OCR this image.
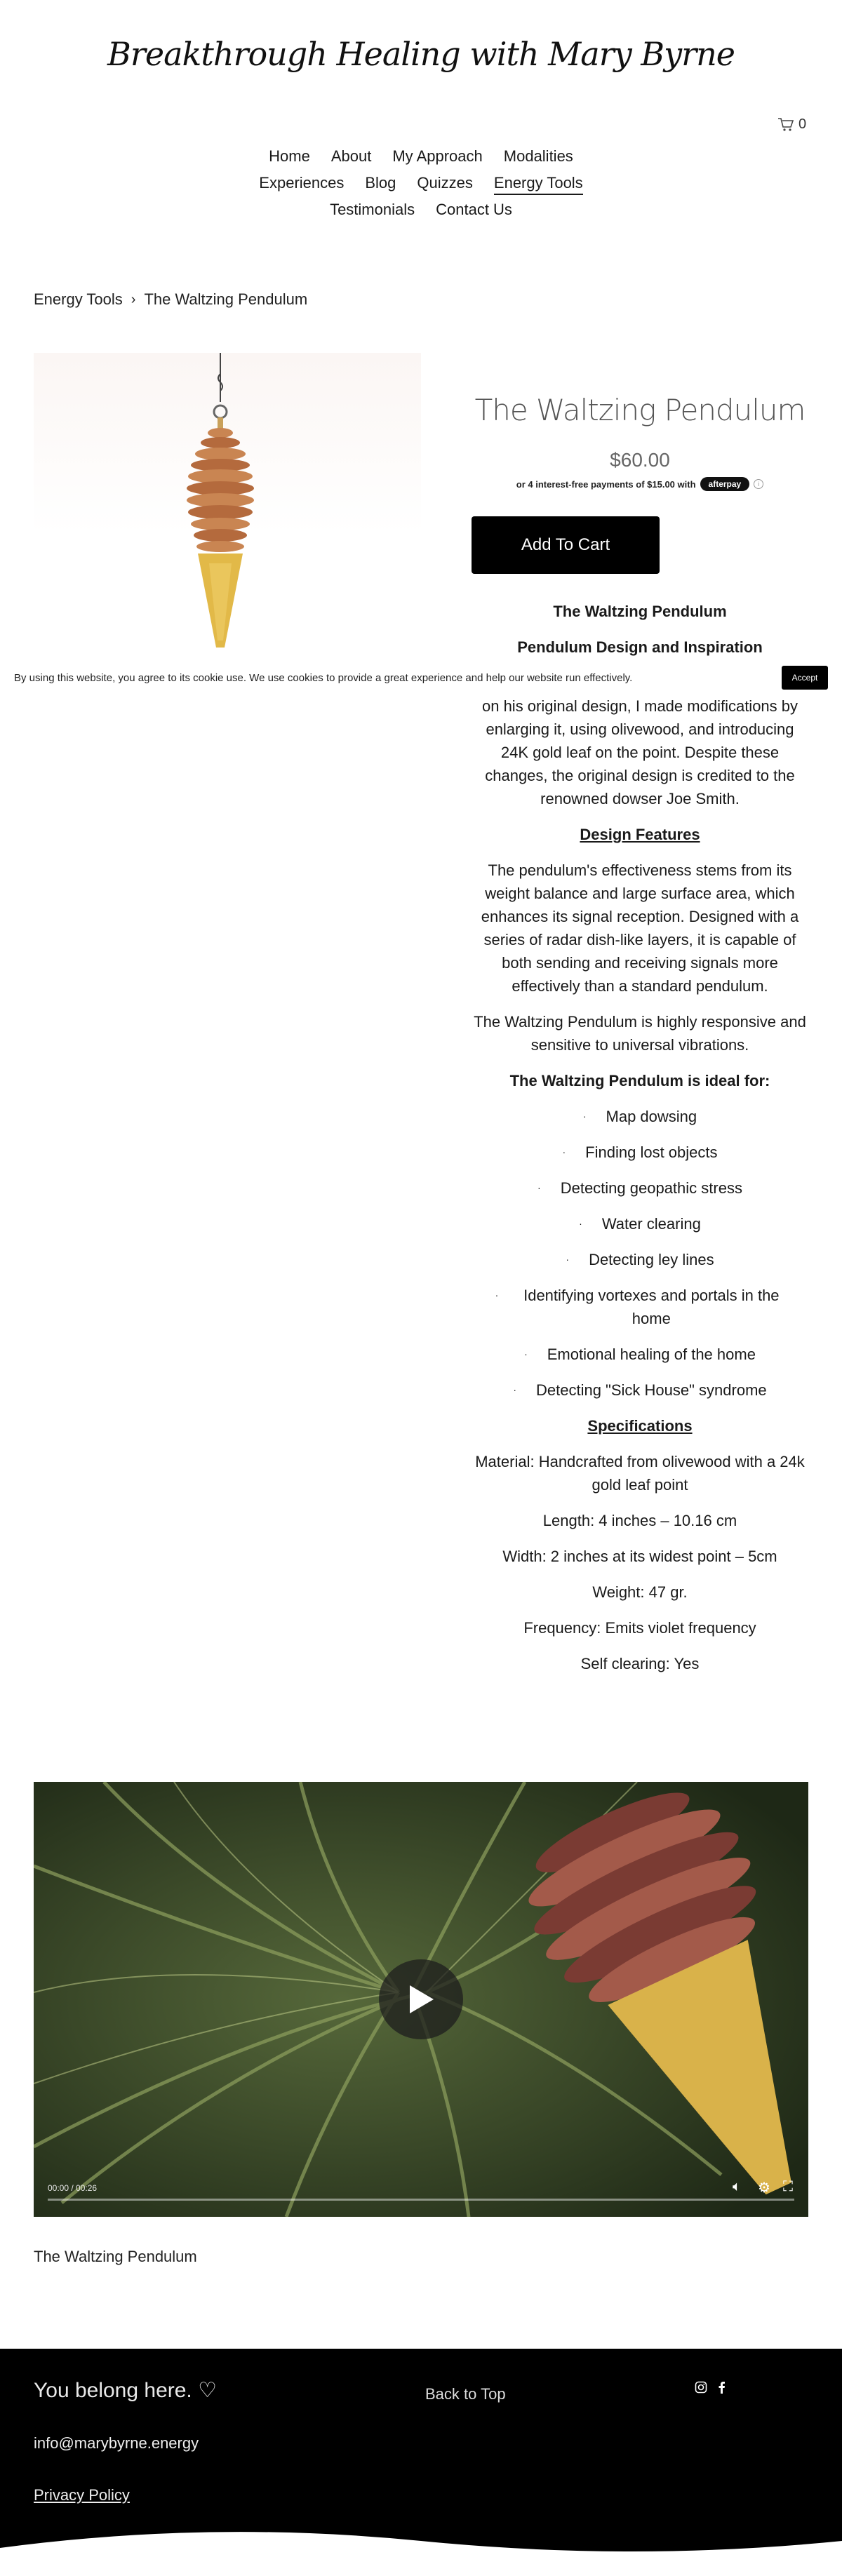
Breakthrough Healing with Mary Byrne
0
Home About My Approach Modalities
Experiences Blog Quizzes Energy Tools
Testimonials Contact Us
Energy Tools › The Waltzing Pendulum
The Waltzing Pendulum
$60.00
or 4 interest-free payments of $15.00 with	afterpay	i
Add To Cart

The Waltzing Pendulum

Pendulum Design and Inspiration

on his original design, I made modifications by enlarging it, using olivewood, and introducing 24K gold leaf on the point. Despite these changes, the original design is credited to the renowned dowser Joe Smith.

Design Features

The pendulum's effectiveness stems from its weight balance and large surface area, which enhances its signal reception. Designed with a series of radar dish-like layers, it is capable of both sending and receiving signals more effectively than a standard pendulum.

The Waltzing Pendulum is highly responsive and sensitive to universal vibrations.

The Waltzing Pendulum is ideal for:

· Map dowsing
· Finding lost objects
· Detecting geopathic stress
· Water clearing
· Detecting ley lines
·	Identifying vortexes and portals in the home
· Emotional healing of the home
· Detecting "Sick House" syndrome

Specifications

Material: Handcrafted from olivewood with a 24k gold leaf point

Length: 4 inches – 10.16 cm

Width: 2 inches at its widest point – 5cm

Weight: 47 gr.

Frequency: Emits violet frequency

Self clearing: Yes

By using this website, you agree to its cookie use. We use cookies to provide a great experience and help our website run effectively.	Accept
00:00 / 00:26	🔈︎ ⚙︎ ⛶
The Waltzing Pendulum
You belong here. ♡	Back to Top
info@marybyrne.energy
Privacy Policy
